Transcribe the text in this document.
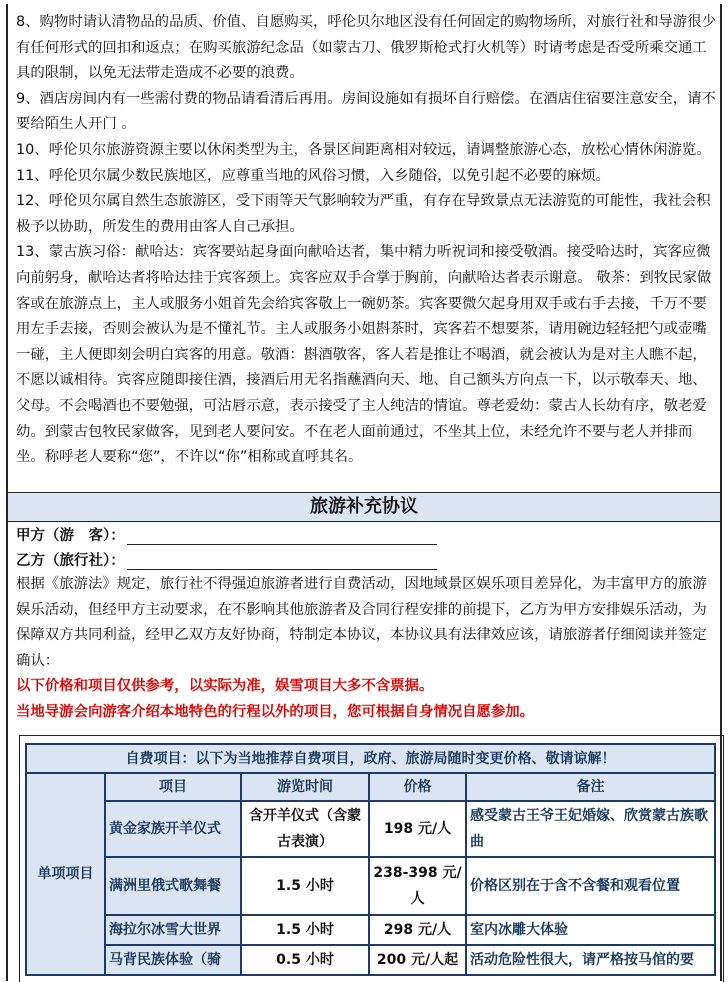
8、购物时请认清物品的品质、价值、自愿购买，呼伦贝尔地区没有任何固定的购物场所，对旅行社和导游很少有任何形式的回扣和返点；在购买旅游纪念品（如蒙古刀、俄罗斯枪式打火机等）时请考虑是否受所乘交通工具的限制，以免无法带走造成不必要的浪费。

9、酒店房间内有一些需付费的物品请看清后再用。房间设施如有损坏自行赔偿。在酒店住宿要注意安全，请不要给陌生人开门 。

10、呼伦贝尔旅游资源主要以休闲类型为主，各景区间距离相对较远，请调整旅游心态，放松心情休闲游览。

11、呼伦贝尔属少数民族地区，应尊重当地的风俗习惯，入乡随俗，以免引起不必要的麻烦。

12、呼伦贝尔属自然生态旅游区，受下雨等天气影响较为严重，有存在导致景点无法游览的可能性，我社会积极予以协助，所发生的费用由客人自己承担。

13、蒙古族习俗：献哈达：宾客要站起身面向献哈达者，集中精力听祝词和接受敬酒。接受哈达时，宾客应微向前躬身，献哈达者将哈达挂于宾客颈上。宾客应双手合掌于胸前，向献哈达者表示谢意。 敬茶：到牧民家做客或在旅游点上，主人或服务小姐首先会给宾客敬上一碗奶茶。宾客要微欠起身用双手或右手去接，千万不要用左手去接，否则会被认为是不懂礼节。主人或服务小姐斟茶时，宾客若不想要茶，请用碗边轻轻把勺或壶嘴一碰，主人便即刻会明白宾客的用意。敬酒：斟酒敬客，客人若是推让不喝酒，就会被认为是对主人瞧不起，不愿以诚相待。宾客应随即接住酒，接酒后用无名指蘸酒向天、地、自己额头方向点一下，以示敬奉天、地、父母。不会喝酒也不要勉强，可沾唇示意，表示接受了主人纯洁的情谊。尊老爱幼：蒙古人长幼有序，敬老爱幼。到蒙古包牧民家做客，见到老人要问安。不在老人面前通过，不坐其上位，未经允许不要与老人并排而坐。称呼老人要称“您”，不许以“你”相称或直呼其名。

旅游补充协议
甲方（游　客）：
乙方（旅行社）：

根据《旅游法》规定，旅行社不得强迫旅游者进行自费活动，因地域景区娱乐项目差异化，为丰富甲方的旅游娱乐活动，但经甲方主动要求，在不影响其他旅游者及合同行程安排的前提下，乙方为甲方安排娱乐活动，为保障双方共同利益，经甲乙双方友好协商，特制定本协议，本协议具有法律效应该，请旅游者仔细阅读并签定确认：

以下价格和项目仅供参考，以实际为准，娱雪项目大多不含票据。

当地导游会向游客介绍本地特色的行程以外的项目，您可根据自身情况自愿参加。

自费项目：以下为当地推荐自费项目，政府、旅游局随时变更价格、敬请谅解！				
单项项目	项目	游览时间	价格	备注
	黄金家族开羊仪式	含开羊仪式（含蒙古表演）	198 元/人	感受蒙古王爷王妃婚嫁、欣赏蒙古族歌曲
	满洲里俄式歌舞餐	1.5 小时	238-398 元/人	价格区别在于含不含餐和观看位置
	海拉尔冰雪大世界	1.5 小时	298 元/人	室内冰雕大体验
	马背民族体验（骑	0.5 小时	200 元/人起	活动危险性很大，请严格按马倌的要
